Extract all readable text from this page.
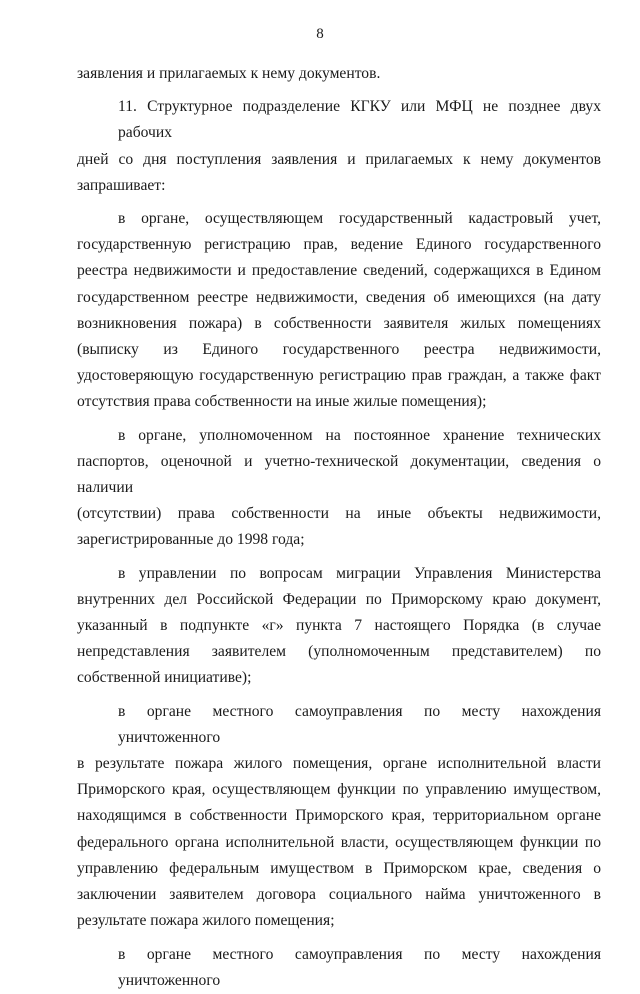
8
заявления и прилагаемых к нему документов.
11. Структурное подразделение КГКУ или МФЦ не позднее двух рабочих
дней со дня поступления заявления и прилагаемых к нему документов
запрашивает:
в органе, осуществляющем государственный кадастровый учет,
государственную регистрацию прав, ведение Единого государственного
реестра недвижимости и предоставление сведений, содержащихся в Едином
государственном реестре недвижимости, сведения об имеющихся (на дату
возникновения пожара) в собственности заявителя жилых помещениях
(выписку из Единого государственного реестра недвижимости,
удостоверяющую государственную регистрацию прав граждан, а также факт
отсутствия права собственности на иные жилые помещения);
в органе, уполномоченном на постоянное хранение технических
паспортов, оценочной и учетно-технической документации, сведения о наличии
(отсутствии) права собственности на иные объекты недвижимости,
зарегистрированные до 1998 года;
в управлении по вопросам миграции Управления Министерства
внутренних дел Российской Федерации по Приморскому краю документ,
указанный в подпункте «г» пункта 7 настоящего Порядка (в случае
непредставления заявителем (уполномоченным представителем) по
собственной инициативе);
в органе местного самоуправления по месту нахождения уничтоженного
в результате пожара жилого помещения, органе исполнительной власти
Приморского края, осуществляющем функции по управлению имуществом,
находящимся в собственности Приморского края, территориальном органе
федерального органа исполнительной власти, осуществляющем функции по
управлению федеральным имуществом в Приморском крае, сведения о
заключении заявителем договора социального найма уничтоженного в
результате пожара жилого помещения;
в органе местного самоуправления по месту нахождения уничтоженного
